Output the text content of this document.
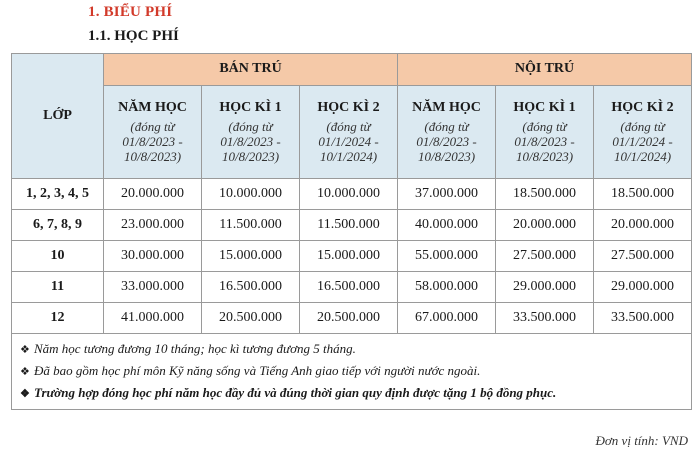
1. BIỂU PHÍ
1.1. HỌC PHÍ
LỚP	BÁN TRÚ			NỘI TRÚ		

	NĂM HỌC
(đóng từ
01/8/2023 -
10/8/2023)	HỌC KÌ 1
(đóng từ
01/8/2023 -
10/8/2023)	HỌC KÌ 2
(đóng từ
01/1/2024 -
10/1/2024)	NĂM HỌC
(đóng từ
01/8/2023 -
10/8/2023)	HỌC KÌ 1
(đóng từ
01/8/2023 -
10/8/2023)	HỌC KÌ 2
(đóng từ
01/1/2024 -
10/1/2024)

1, 2, 3, 4, 5	20.000.000	10.000.000	10.000.000	37.000.000	18.500.000	18.500.000
6, 7, 8, 9	23.000.000	11.500.000	11.500.000	40.000.000	20.000.000	20.000.000
10	30.000.000	15.000.000	15.000.000	55.000.000	27.500.000	27.500.000
11	33.000.000	16.500.000	16.500.000	58.000.000	29.000.000	29.000.000
12	41.000.000	20.500.000	20.500.000	67.000.000	33.500.000	33.500.000

❖ Năm học tương đương 10 tháng; học kì tương đương 5 tháng.
❖ Đã bao gồm học phí môn Kỹ năng sống và Tiếng Anh giao tiếp với người nước ngoài.
❖ Trường hợp đóng học phí năm học đầy đủ và đúng thời gian quy định được tặng 1 bộ đồng phục.						
Đơn vị tính: VND
